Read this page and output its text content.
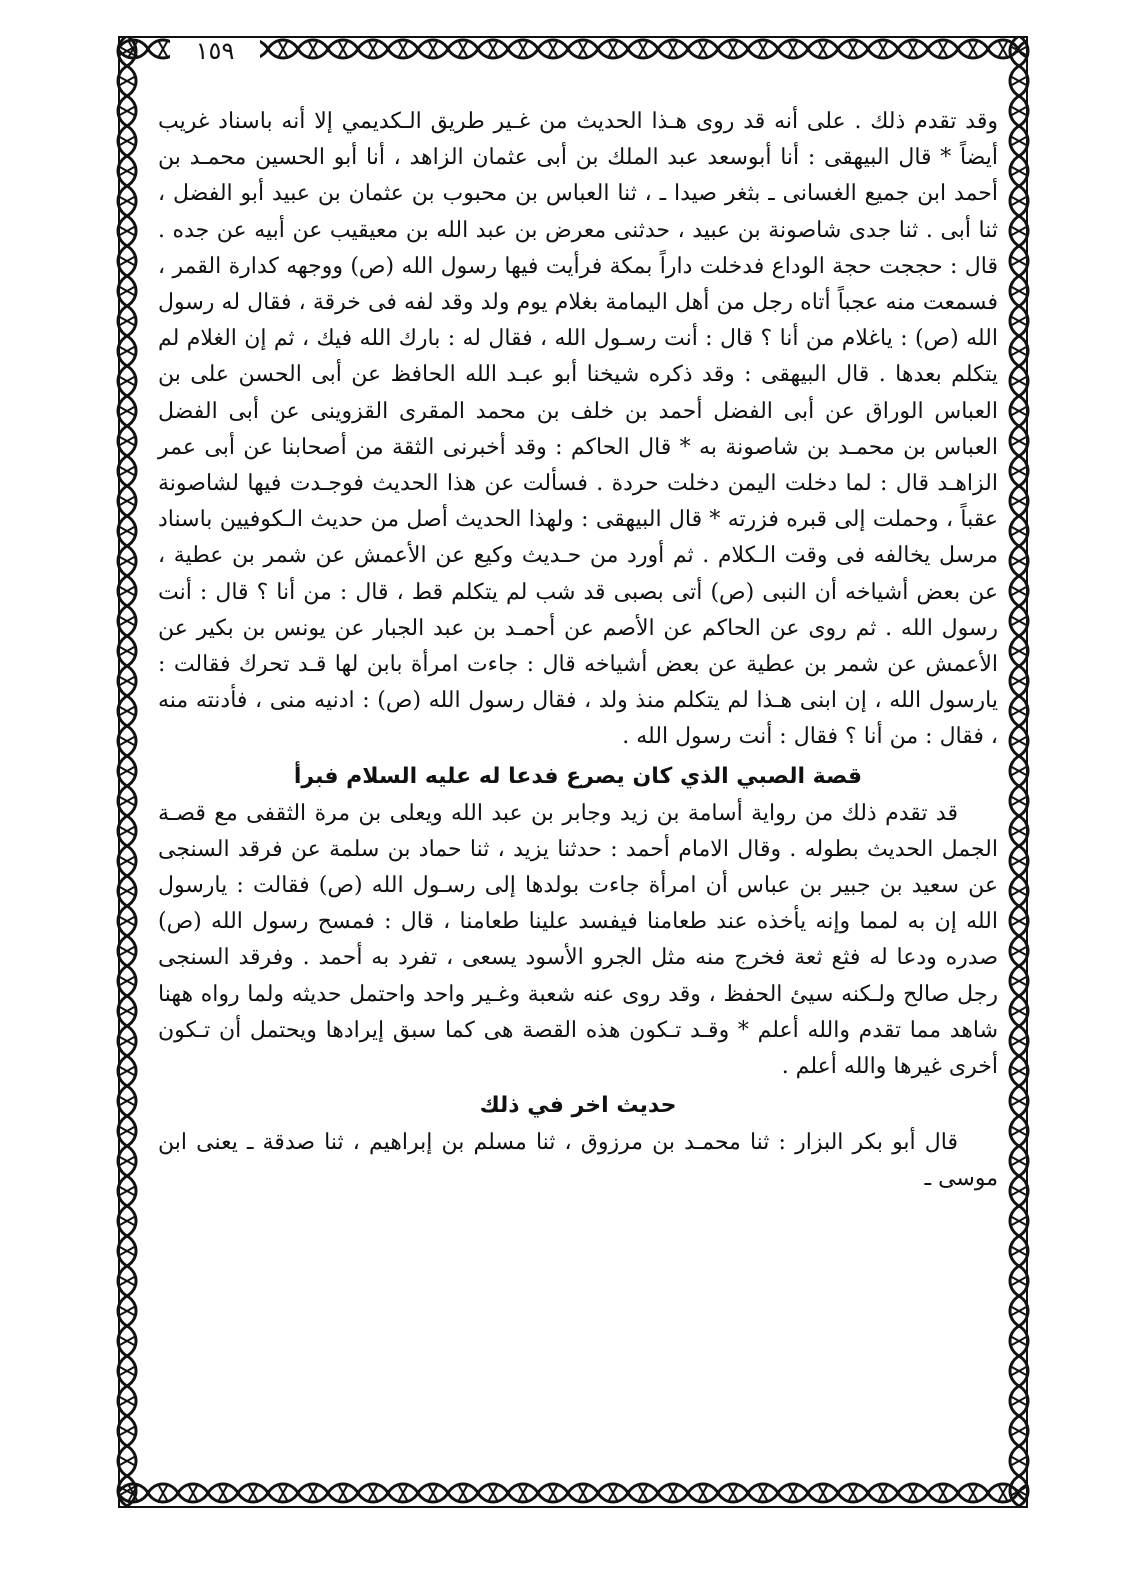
١٥٩

وقد تقدم ذلك . على أنه قد روى هـذا الحديث من غـير طريق الـكديمي إلا أنه باسناد غريب أيضاً * قال البيهقى : أنا أبوسعد عبد الملك بن أبى عثمان الزاهد ، أنا أبو الحسين محمـد بن أحمد ابن جميع الغسانى ـ بثغر صيدا ـ ، ثنا العباس بن محبوب بن عثمان بن عبيد أبو الفضل ، ثنا أبى . ثنا جدى شاصونة بن عبيد ، حدثنى معرض بن عبد الله بن معيقيب عن أبيه عن جده . قال : حججت حجة الوداع فدخلت داراً بمكة فرأيت فيها رسول الله (ص) ووجهه كدارة القمر ، فسمعت منه عجباً أتاه رجل من أهل اليمامة بغلام يوم ولد وقد لفه فى خرقة ، فقال له رسول الله (ص) : ياغلام من أنا ؟ قال : أنت رسـول الله ، فقال له : بارك الله فيك ، ثم إن الغلام لم يتكلم بعدها . قال البيهقى : وقد ذكره شيخنا أبو عبـد الله الحافظ عن أبى الحسن على بن العباس الوراق عن أبى الفضل أحمد بن خلف بن محمد المقرى القزوينى عن أبى الفضل العباس بن محمـد بن شاصونة به * قال الحاكم : وقد أخبرنى الثقة من أصحابنا عن أبى عمر الزاهـد قال : لما دخلت اليمن دخلت حردة . فسألت عن هذا الحديث فوجـدت فيها لشاصونة عقباً ، وحملت إلى قبره فزرته * قال البيهقى : ولهذا الحديث أصل من حديث الـكوفيين باسناد مرسل يخالفه فى وقت الـكلام . ثم أورد من حـديث وكيع عن الأعمش عن شمر بن عطية ، عن بعض أشياخه أن النبى (ص) أتى بصبى قد شب لم يتكلم قط ، قال : من أنا ؟ قال : أنت رسول الله . ثم روى عن الحاكم عن الأصم عن أحمـد بن عبد الجبار عن يونس بن بكير عن الأعمش عن شمر بن عطية عن بعض أشياخه قال : جاءت امرأة بابن لها قـد تحرك فقالت : يارسول الله ، إن ابنى هـذا لم يتكلم منذ ولد ، فقال رسول الله (ص) : ادنيه منى ، فأدنته منه ، فقال : من أنا ؟ فقال : أنت رسول الله .

قصة الصبي الذي كان يصرع فدعا له عليه السلام فبرأ

قد تقدم ذلك من رواية أسامة بن زيد وجابر بن عبد الله ويعلى بن مرة الثقفى مع قصـة الجمل الحديث بطوله . وقال الامام أحمد : حدثنا يزيد ، ثنا حماد بن سلمة عن فرقد السنجى عن سعيد بن جبير بن عباس أن امرأة جاءت بولدها إلى رسـول الله (ص) فقالت : يارسول الله إن به لمما وإنه يأخذه عند طعامنا فيفسد علينا طعامنا ، قال : فمسح رسول الله (ص) صدره ودعا له فثع ثعة فخرج منه مثل الجرو الأسود يسعى ، تفرد به أحمد . وفرقد السنجى رجل صالح ولـكنه سيئ الحفظ ، وقد روى عنه شعبة وغـير واحد واحتمل حديثه ولما رواه ههنا شاهد مما تقدم والله أعلم * وقـد تـكون هذه القصة هى كما سبق إيرادها ويحتمل أن تـكون أخرى غيرها والله أعلم .

حديث اخر في ذلك

قال أبو بكر البزار : ثنا محمـد بن مرزوق ، ثنا مسلم بن إبراهيم ، ثنا صدقة ـ يعنى ابن موسى ـ
